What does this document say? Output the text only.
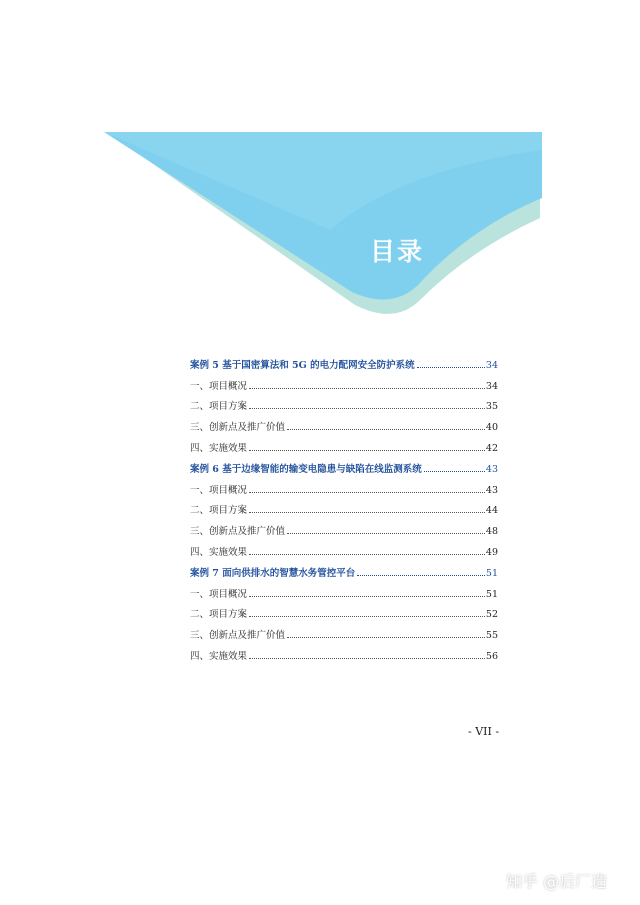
目录
案例 5 基于国密算法和 5G 的电力配网安全防护系统	34
一、项目概况	34
二、项目方案	35
三、创新点及推广价值	40
四、实施效果	42
案例 6 基于边缘智能的输变电隐患与缺陷在线监测系统	43
一、项目概况	43
二、项目方案	44
三、创新点及推广价值	48
四、实施效果	49
案例 7 面向供排水的智慧水务管控平台	51
一、项目概况	51
二、项目方案	52
三、创新点及推广价值	55
四、实施效果	56
- VII -
知乎 @后厂造
